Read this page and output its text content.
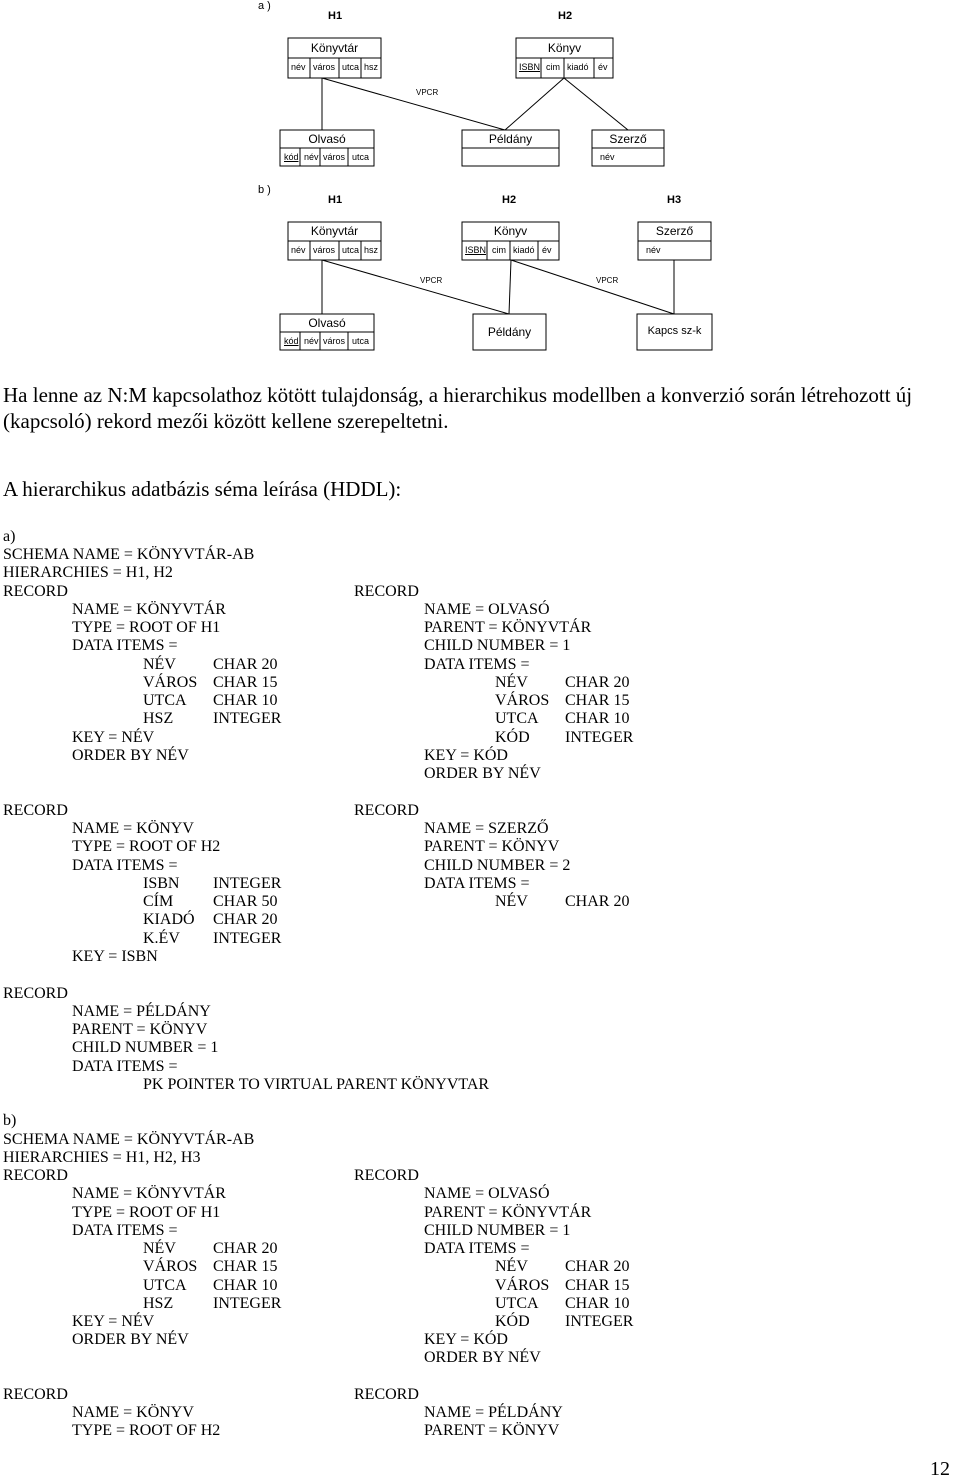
a )
H1	H2
Könyvtár
név város utca hsz
Könyv
ISBN cim kiadó év
VPCR
Olvasó
kód név város utca
Példány	Szerző
név
b )
H1	H2	H3
Könyvtár
név város utca hsz
Könyv
ISBN cim kiadó év
Szerző
név
VPCR	VPCR
Olvasó
kód név város utca
Példány	Kapcs sz-k
Ha lenne az N:M kapcsolathoz kötött tulajdonság, a hierarchikus modellben a konverzió során létrehozott új (kapcsoló) rekord mezői között kellene szerepeltetni.
A hierarchikus adatbázis séma leírása (HDDL):
a)
SCHEMA NAME = KÖNYVTÁR-AB
HIERARCHIES = H1, H2
RECORD
NAME = KÖNYVTÁR
TYPE = ROOT OF H1
DATA ITEMS =
NÉV CHAR 20
VÁROS CHAR 15
UTCA CHAR 10
HSZ INTEGER
KEY = NÉV
ORDER BY NÉV
RECORD
NAME = OLVASÓ
PARENT = KÖNYVTÁR
CHILD NUMBER = 1
DATA ITEMS =
NÉV CHAR 20
VÁROS CHAR 15
UTCA CHAR 10
KÓD INTEGER
KEY = KÓD
ORDER BY NÉV
RECORD
NAME = KÖNYV
TYPE = ROOT OF H2
DATA ITEMS =
ISBN INTEGER
CÍM CHAR 50
KIADÓ CHAR 20
K.ÉV INTEGER
KEY = ISBN
RECORD
NAME = SZERZŐ
PARENT = KÖNYV
CHILD NUMBER = 2
DATA ITEMS =
NÉV CHAR 20
RECORD
NAME = PÉLDÁNY
PARENT = KÖNYV
CHILD NUMBER = 1
DATA ITEMS =
PK POINTER TO VIRTUAL PARENT KÖNYVTAR
b)
SCHEMA NAME = KÖNYVTÁR-AB
HIERARCHIES = H1, H2, H3
RECORD
NAME = KÖNYVTÁR
TYPE = ROOT OF H1
DATA ITEMS =
NÉV CHAR 20
VÁROS CHAR 15
UTCA CHAR 10
HSZ INTEGER
KEY = NÉV
ORDER BY NÉV
RECORD
NAME = OLVASÓ
PARENT = KÖNYVTÁR
CHILD NUMBER = 1
DATA ITEMS =
NÉV CHAR 20
VÁROS CHAR 15
UTCA CHAR 10
KÓD INTEGER
KEY = KÓD
ORDER BY NÉV
RECORD
NAME = KÖNYV
TYPE = ROOT OF H2
RECORD
NAME = PÉLDÁNY
PARENT = KÖNYV
12
